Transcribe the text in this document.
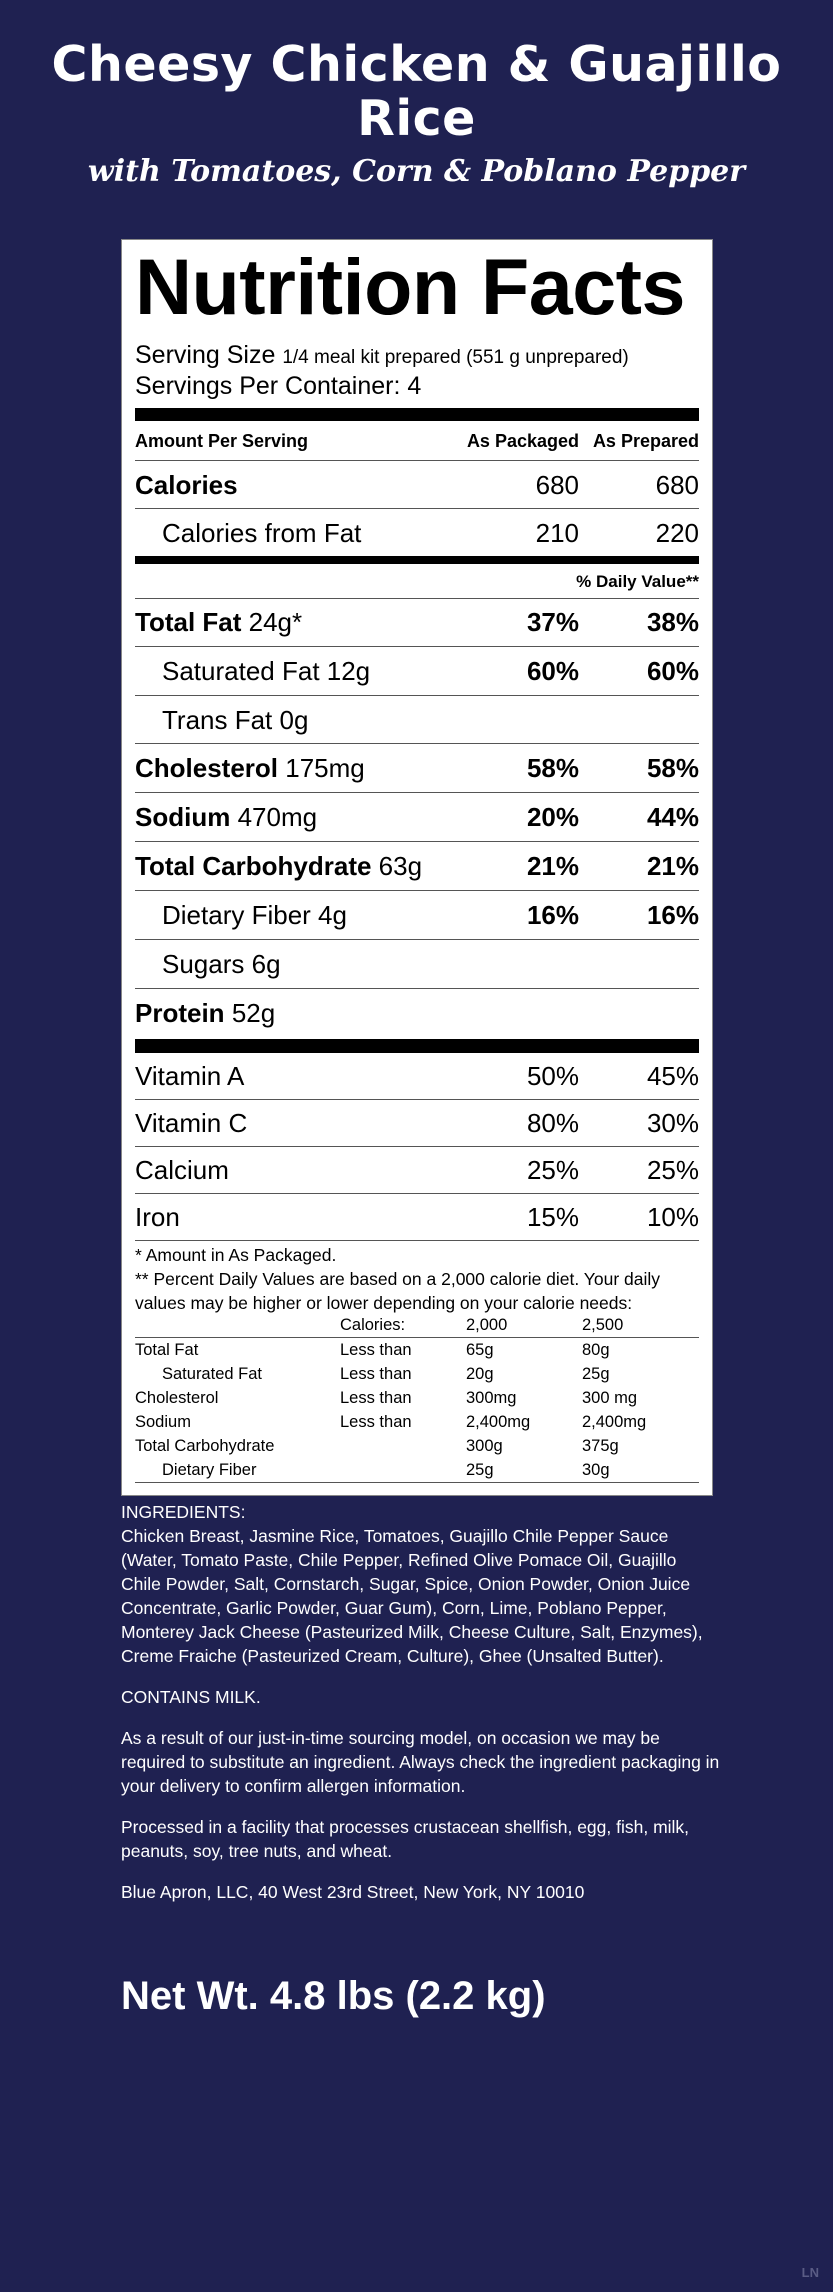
Cheesy Chicken & Guajillo Rice
with Tomatoes, Corn & Poblano Pepper
Nutrition Facts
Serving Size 1/4 meal kit prepared (551 g unprepared)
Servings Per Container: 4
Amount Per Serving	As Packaged As Prepared
Calories	680	680
Calories from Fat	210	220
% Daily Value**
Total Fat 24g*	37%	38%
Saturated Fat 12g	60%	60%
Trans Fat 0g
Cholesterol 175mg	58%	58%
Sodium 470mg	20%	44%
Total Carbohydrate 63g	21%	21%
Dietary Fiber 4g	16%	16%
Sugars 6g
Protein 52g
Vitamin A	50%	45%
Vitamin C	80%	30%
Calcium	25%	25%
Iron	15%	10%
* Amount in As Packaged.
** Percent Daily Values are based on a 2,000 calorie diet. Your daily values may be higher or lower depending on your calorie needs:
Calories:	2,000	2,500
Total Fat	Less than	65g	80g
Saturated Fat	Less than	20g	25g
Cholesterol	Less than	300mg	300 mg
Sodium	Less than	2,400mg	2,400mg
Total Carbohydrate	300g	375g
Dietary Fiber	25g	30g

INGREDIENTS:
Chicken Breast, Jasmine Rice, Tomatoes, Guajillo Chile Pepper Sauce (Water, Tomato Paste, Chile Pepper, Refined Olive Pomace Oil, Guajillo Chile Powder, Salt, Cornstarch, Sugar, Spice, Onion Powder, Onion Juice Concentrate, Garlic Powder, Guar Gum), Corn, Lime, Poblano Pepper, Monterey Jack Cheese (Pasteurized Milk, Cheese Culture, Salt, Enzymes), Creme Fraiche (Pasteurized Cream, Culture), Ghee (Unsalted Butter).

CONTAINS MILK.

As a result of our just-in-time sourcing model, on occasion we may be required to substitute an ingredient. Always check the ingredient packaging in your delivery to confirm allergen information.

Processed in a facility that processes crustacean shellfish, egg, fish, milk, peanuts, soy, tree nuts, and wheat.

Blue Apron, LLC, 40 West 23rd Street, New York, NY 10010

Net Wt. 4.8 lbs (2.2 kg)
LN
